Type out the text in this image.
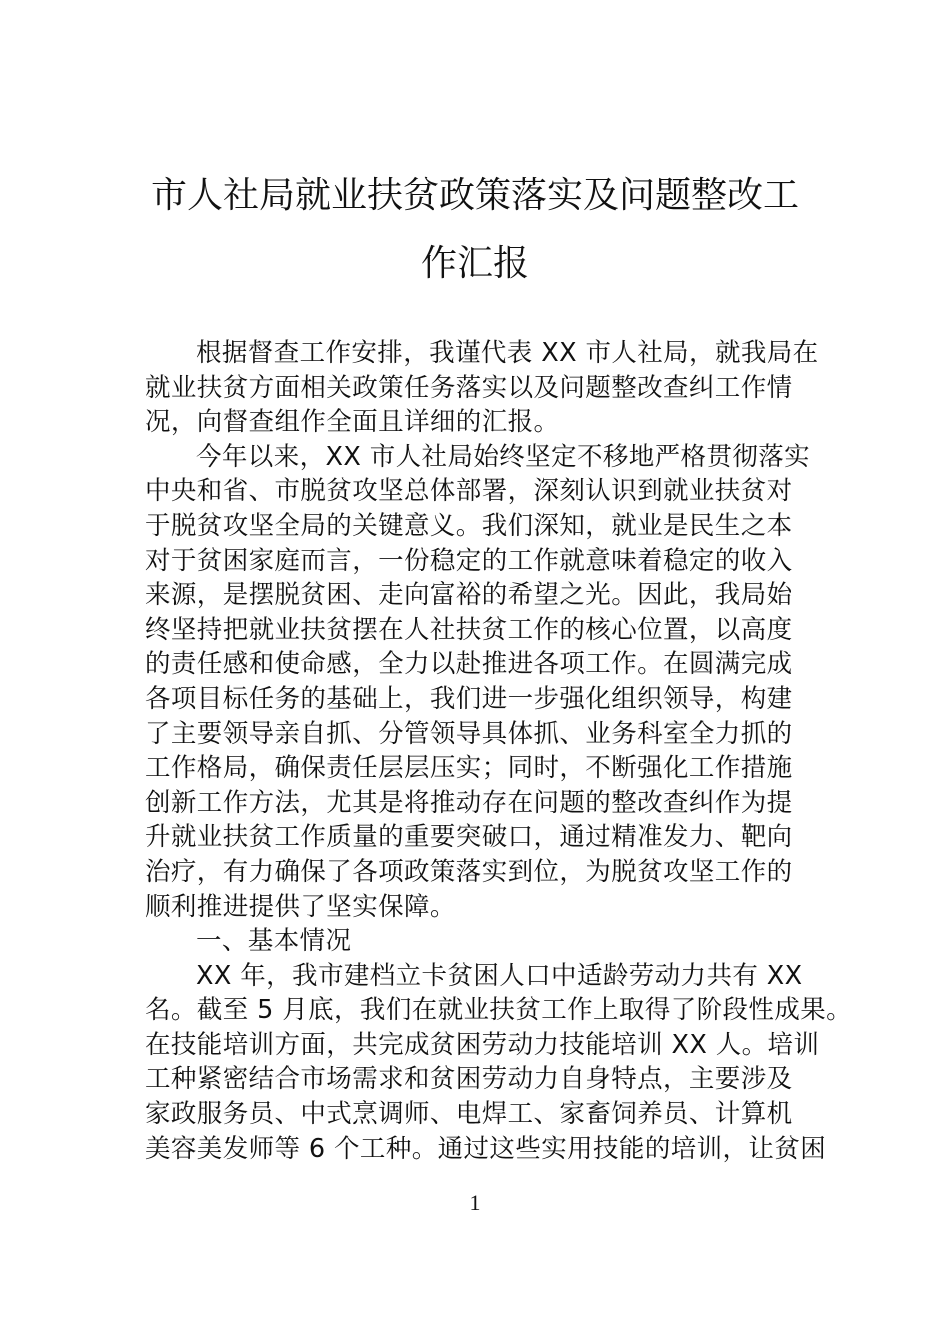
市人社局就业扶贫政策落实及问题整改工
作汇报
根据督查工作安排，我谨代表 XX 市人社局，就我局在
就业扶贫方面相关政策任务落实以及问题整改查纠工作情
况，向督查组作全面且详细的汇报。
今年以来，XX 市人社局始终坚定不移地严格贯彻落实
中央和省、市脱贫攻坚总体部署，深刻认识到就业扶贫对
于脱贫攻坚全局的关键意义。我们深知，就业是民生之本
对于贫困家庭而言，一份稳定的工作就意味着稳定的收入
来源，是摆脱贫困、走向富裕的希望之光。因此，我局始
终坚持把就业扶贫摆在人社扶贫工作的核心位置，以高度
的责任感和使命感，全力以赴推进各项工作。在圆满完成
各项目标任务的基础上，我们进一步强化组织领导，构建
了主要领导亲自抓、分管领导具体抓、业务科室全力抓的
工作格局，确保责任层层压实；同时，不断强化工作措施
创新工作方法，尤其是将推动存在问题的整改查纠作为提
升就业扶贫工作质量的重要突破口，通过精准发力、靶向
治疗，有力确保了各项政策落实到位，为脱贫攻坚工作的
顺利推进提供了坚实保障。
一、基本情况
XX 年，我市建档立卡贫困人口中适龄劳动力共有 XX
名。截至 5 月底，我们在就业扶贫工作上取得了阶段性成果。
在技能培训方面，共完成贫困劳动力技能培训 XX 人。培训
工种紧密结合市场需求和贫困劳动力自身特点，主要涉及
家政服务员、中式烹调师、电焊工、家畜饲养员、计算机
美容美发师等 6 个工种。通过这些实用技能的培训，让贫困
1
